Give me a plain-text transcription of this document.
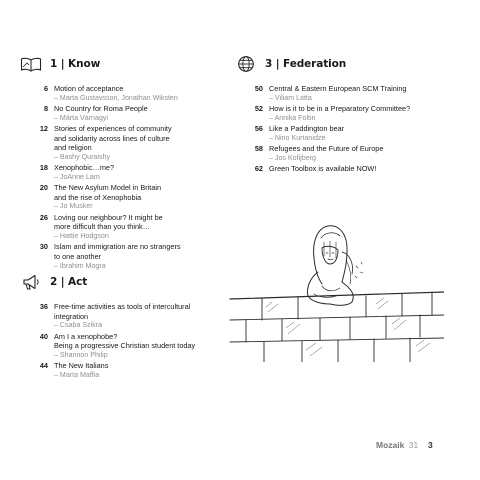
1 | Know
6 Motion of acceptance
– Marta Gustavsson, Jonathan Wiksten
8 No Country for Roma People
– Márta Várnagyi
12 Stories of experiences of community
and solidarity across lines of culture
and religion
– Bashy Quraishy
18 Xenophobic…me?
– JoAnne Lam
20 The New Asylum Model in Britain
and the rise of Xenophobia
– Jo Musker
26 Loving our neighbour? It might be
more difficult than you think…
– Hattie Hodgson
30 Islam and immigration are no strangers
to one another
– Ibrahim Mogra
2 | Act
36 Free-time activities as tools of intercultural
integration
– Csaba Szikra
40 Am I a xenophobe?
Being a progressive Christian student today
– Shannon Philip
44 The New Italians
– Marta Maffia
3 | Federation
50 Central & Eastern European SCM Training
– Viliam Latta
52 How is it to be in a Preparatory Committee?
– Annika Foltin
56 Like a Paddington bear
– Nino Kurtanidze
58 Refugees and the Future of Europe
– Jos Kofijberg
62 Green Toolbox is available NOW!
Mozaik 31 3
